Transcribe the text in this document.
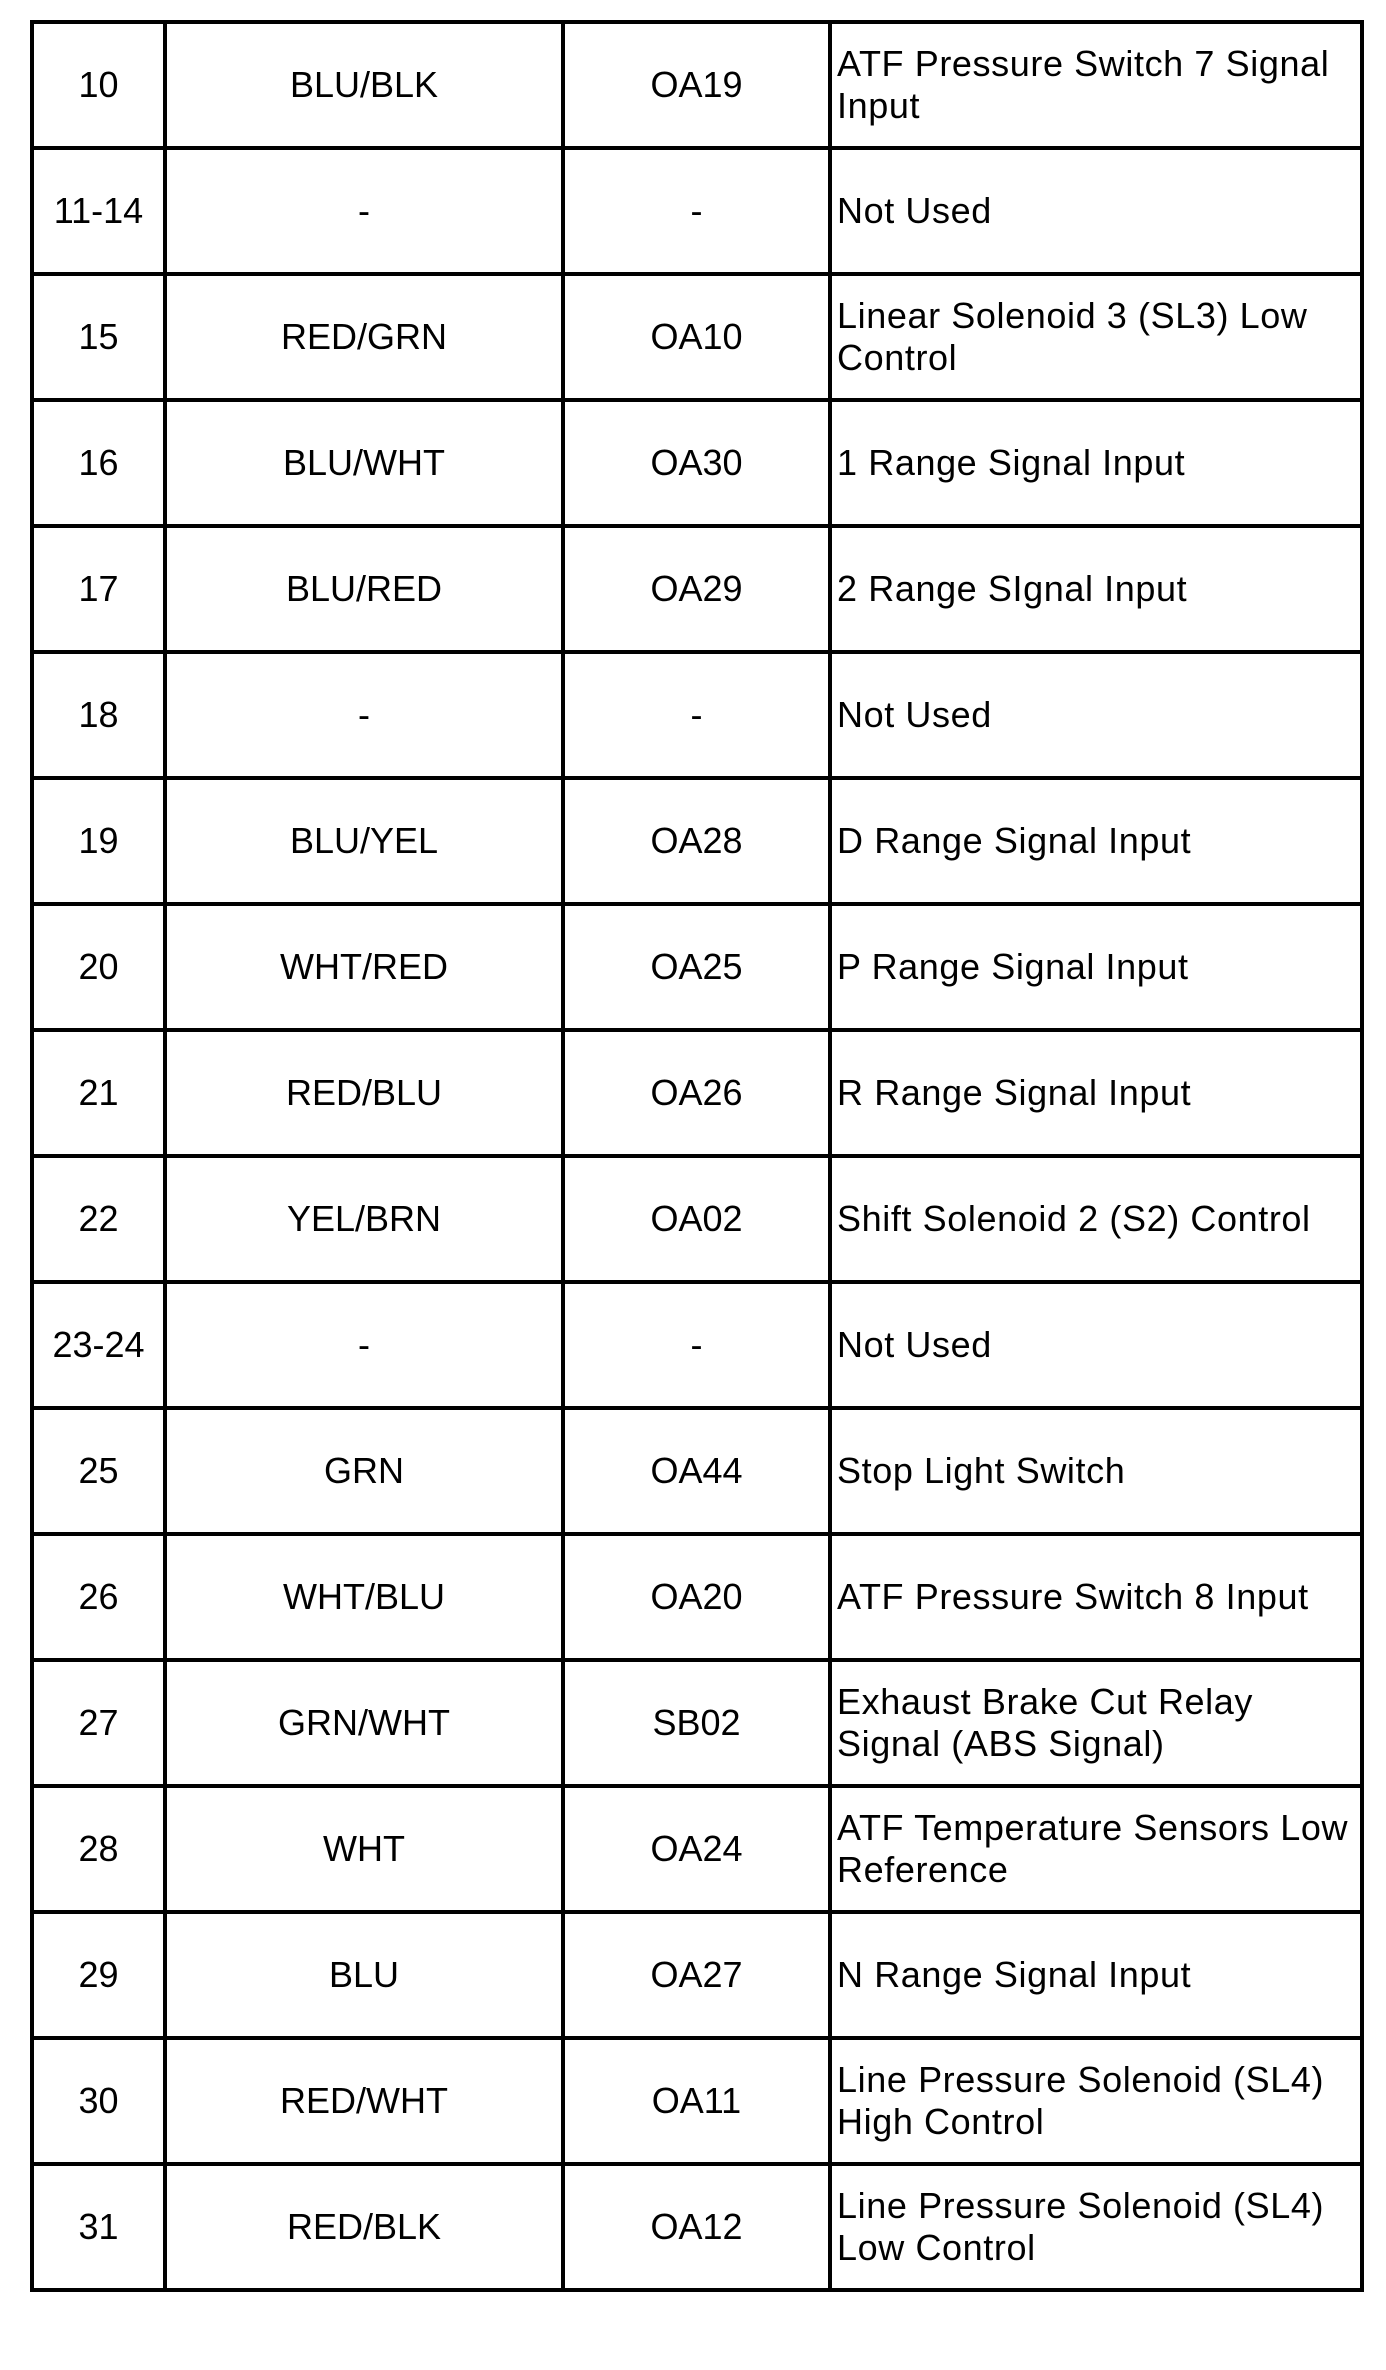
10	BLU/BLK	OA19	ATF Pressure Switch 7 Signal Input
11-14	-	-	Not Used
15	RED/GRN	OA10	Linear Solenoid 3 (SL3) Low Control
16	BLU/WHT	OA30	1 Range Signal Input
17	BLU/RED	OA29	2 Range SIgnal Input
18	-	-	Not Used
19	BLU/YEL	OA28	D Range Signal Input
20	WHT/RED	OA25	P Range Signal Input
21	RED/BLU	OA26	R Range Signal Input
22	YEL/BRN	OA02	Shift Solenoid 2 (S2) Control
23-24	-	-	Not Used
25	GRN	OA44	Stop Light Switch
26	WHT/BLU	OA20	ATF Pressure Switch 8 Input
27	GRN/WHT	SB02	Exhaust Brake Cut Relay Signal (ABS Signal)
28	WHT	OA24	ATF Temperature Sensors Low Reference
29	BLU	OA27	N Range Signal Input
30	RED/WHT	OA11	Line Pressure Solenoid (SL4) High Control
31	RED/BLK	OA12	Line Pressure Solenoid (SL4) Low Control
